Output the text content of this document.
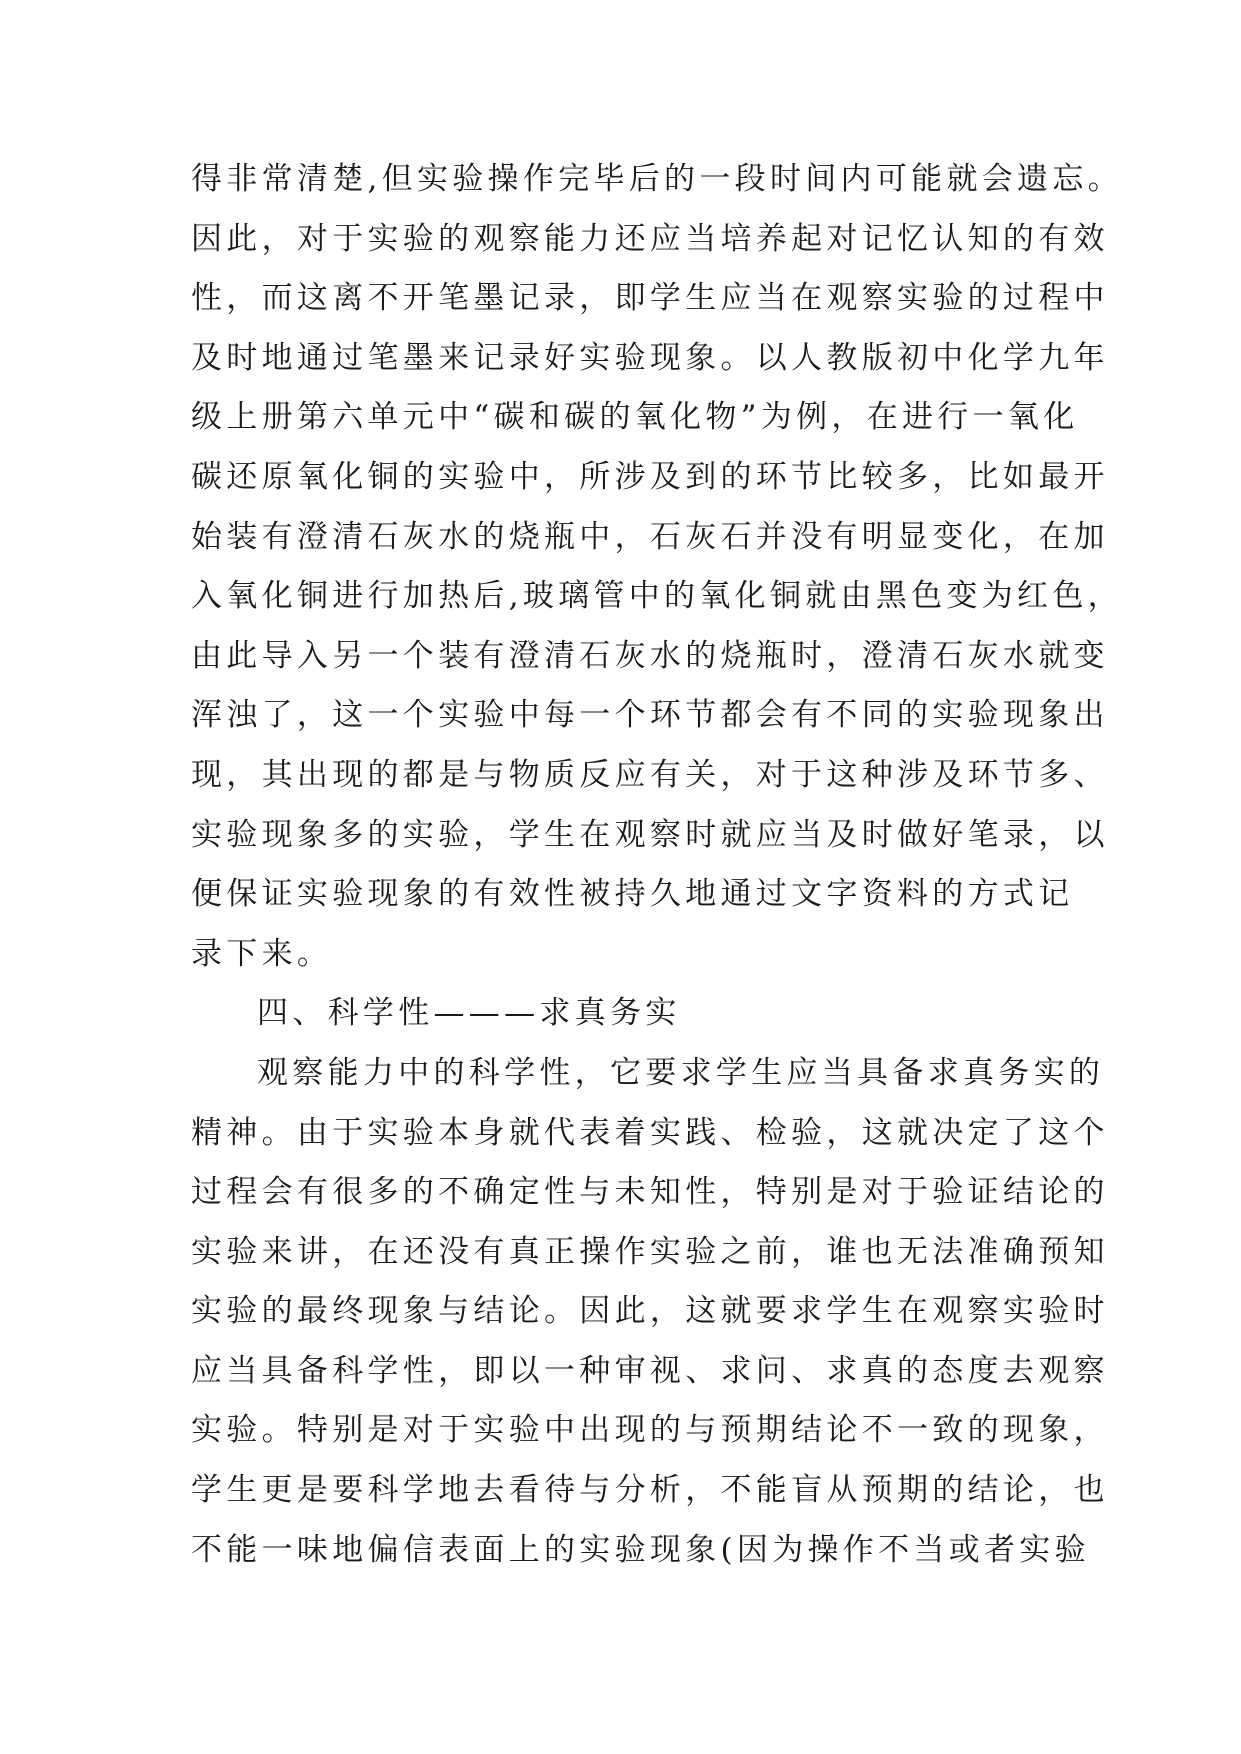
得非常清楚,但实验操作完毕后的一段时间内可能就会遗忘。
因此，对于实验的观察能力还应当培养起对记忆认知的有效
性，而这离不开笔墨记录，即学生应当在观察实验的过程中
及时地通过笔墨来记录好实验现象。以人教版初中化学九年
级上册第六单元中“碳和碳的氧化物”为例，在进行一氧化
碳还原氧化铜的实验中，所涉及到的环节比较多，比如最开
始装有澄清石灰水的烧瓶中，石灰石并没有明显变化，在加
入氧化铜进行加热后,玻璃管中的氧化铜就由黑色变为红色，
由此导入另一个装有澄清石灰水的烧瓶时，澄清石灰水就变
浑浊了，这一个实验中每一个环节都会有不同的实验现象出
现，其出现的都是与物质反应有关，对于这种涉及环节多、
实验现象多的实验，学生在观察时就应当及时做好笔录，以
便保证实验现象的有效性被持久地通过文字资料的方式记
录下来。
四、科学性———求真务实
观察能力中的科学性，它要求学生应当具备求真务实的
精神。由于实验本身就代表着实践、检验，这就决定了这个
过程会有很多的不确定性与未知性，特别是对于验证结论的
实验来讲，在还没有真正操作实验之前，谁也无法准确预知
实验的最终现象与结论。因此，这就要求学生在观察实验时
应当具备科学性，即以一种审视、求问、求真的态度去观察
实验。特别是对于实验中出现的与预期结论不一致的现象，
学生更是要科学地去看待与分析，不能盲从预期的结论，也
不能一味地偏信表面上的实验现象(因为操作不当或者实验
